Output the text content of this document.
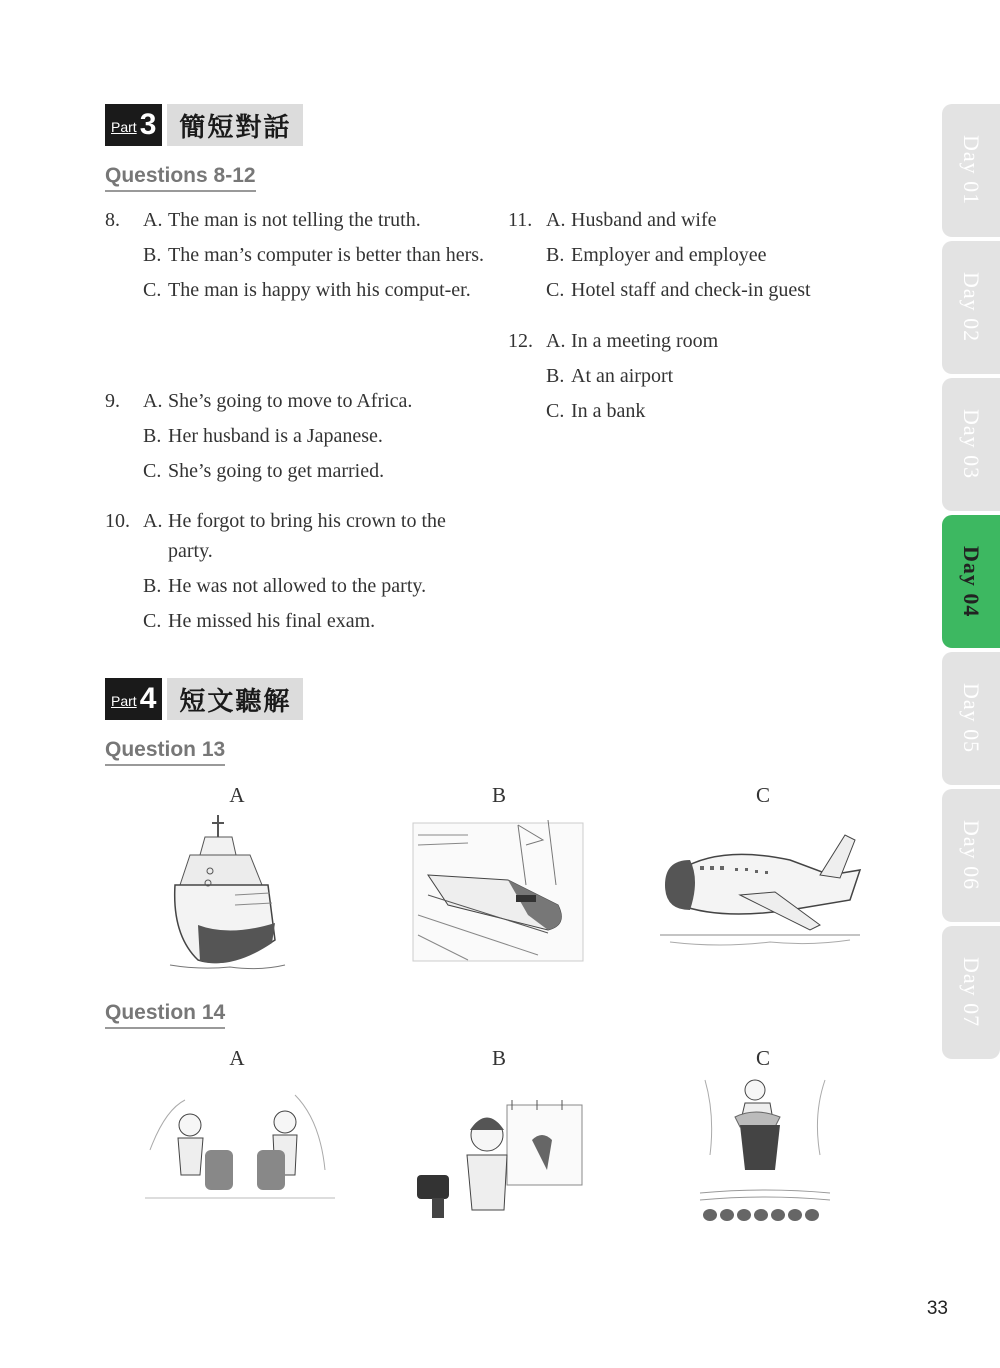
Part 3 簡短對話
Questions 8-12
8. A. The man is not telling the truth.
B. The man’s computer is better than hers.
C. The man is happy with his comput-er.
9. A. She’s going to move to Africa.
B. Her husband is a Japanese.
C. She’s going to get married.
10. A. He forgot to bring his crown to the party.
B. He was not allowed to the party.
C. He missed his final exam.
11. A. Husband and wife
B. Employer and employee
C. Hotel staff and check-in guest
12. A. In a meeting room
B. At an airport
C. In a bank
Part 4 短文聽解
Question 13
A	B	C
Question 14
A	B	C
Day 01
Day 02
Day 03
Day 04
Day 05
Day 06
Day 07
33
